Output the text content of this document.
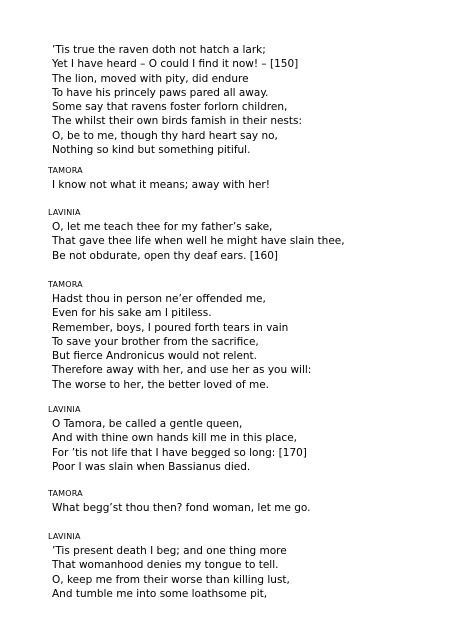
’Tis true the raven doth not hatch a lark;
Yet I have heard – O could I find it now! – [150]
The lion, moved with pity, did endure
To have his princely paws pared all away.
Some say that ravens foster forlorn children,
The whilst their own birds famish in their nests:
O, be to me, though thy hard heart say no,
Nothing so kind but something pitiful.
TAMORA
I know not what it means; away with her!
LAVINIA
O, let me teach thee for my father’s sake,
That gave thee life when well he might have slain thee,
Be not obdurate, open thy deaf ears. [160]
TAMORA
Hadst thou in person ne’er offended me,
Even for his sake am I pitiless.
Remember, boys, I poured forth tears in vain
To save your brother from the sacrifice,
But fierce Andronicus would not relent.
Therefore away with her, and use her as you will:
The worse to her, the better loved of me.
LAVINIA
O Tamora, be called a gentle queen,
And with thine own hands kill me in this place,
For ’tis not life that I have begged so long: [170]
Poor I was slain when Bassianus died.
TAMORA
What begg’st thou then? fond woman, let me go.
LAVINIA
’Tis present death I beg; and one thing more
That womanhood denies my tongue to tell.
O, keep me from their worse than killing lust,
And tumble me into some loathsome pit,
